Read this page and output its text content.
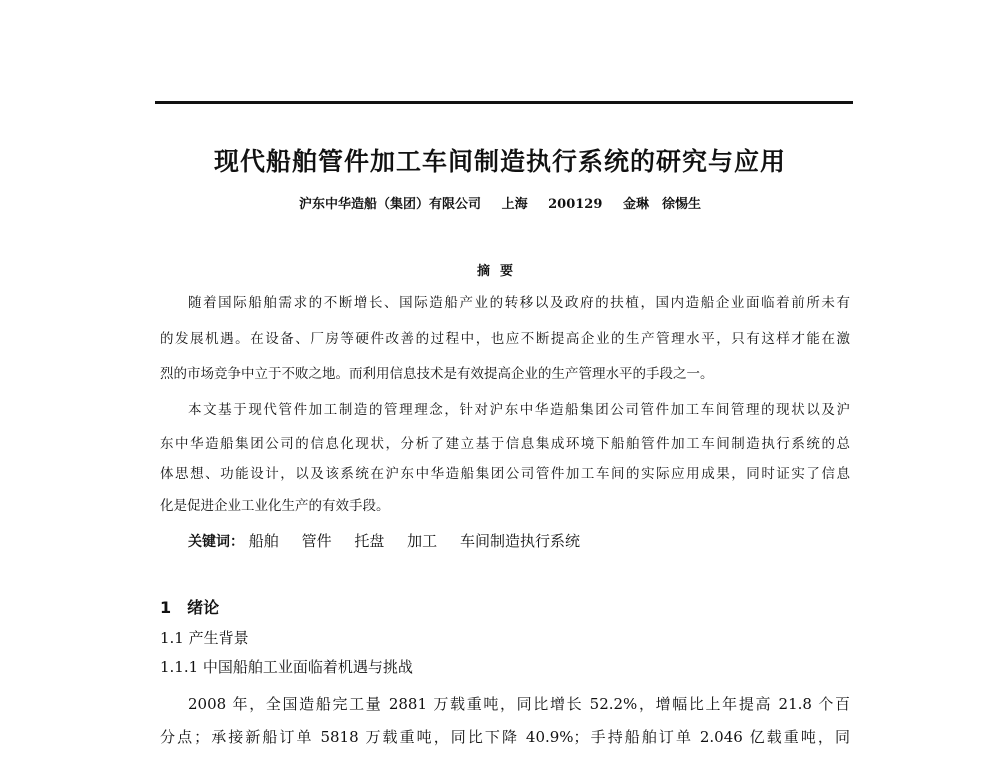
现代船舶管件加工车间制造执行系统的研究与应用
沪东中华造船（集团）有限公司 上海 200129 金琳　徐惕生
摘要
随着国际船舶需求的不断增长、国际造船产业的转移以及政府的扶植，国内造船企业面临着前所未有
的发展机遇。在设备、厂房等硬件改善的过程中，也应不断提高企业的生产管理水平，只有这样才能在激
烈的市场竞争中立于不败之地。而利用信息技术是有效提高企业的生产管理水平的手段之一。
本文基于现代管件加工制造的管理理念，针对沪东中华造船集团公司管件加工车间管理的现状以及沪
东中华造船集团公司的信息化现状，分析了建立基于信息集成环境下船舶管件加工车间制造执行系统的总
体思想、功能设计，以及该系统在沪东中华造船集团公司管件加工车间的实际应用成果，同时证实了信息
化是促进企业工业化生产的有效手段。
关键词： 船舶 管件 托盘 加工 车间制造执行系统
1　绪论
1.1 产生背景
1.1.1 中国船舶工业面临着机遇与挑战
2008 年，全国造船完工量 2881 万载重吨，同比增长 52.2%，增幅比上年提高 21.8 个百
分点；承接新船订单 5818 万载重吨，同比下降 40.9%；手持船舶订单 2.046 亿载重吨，同
